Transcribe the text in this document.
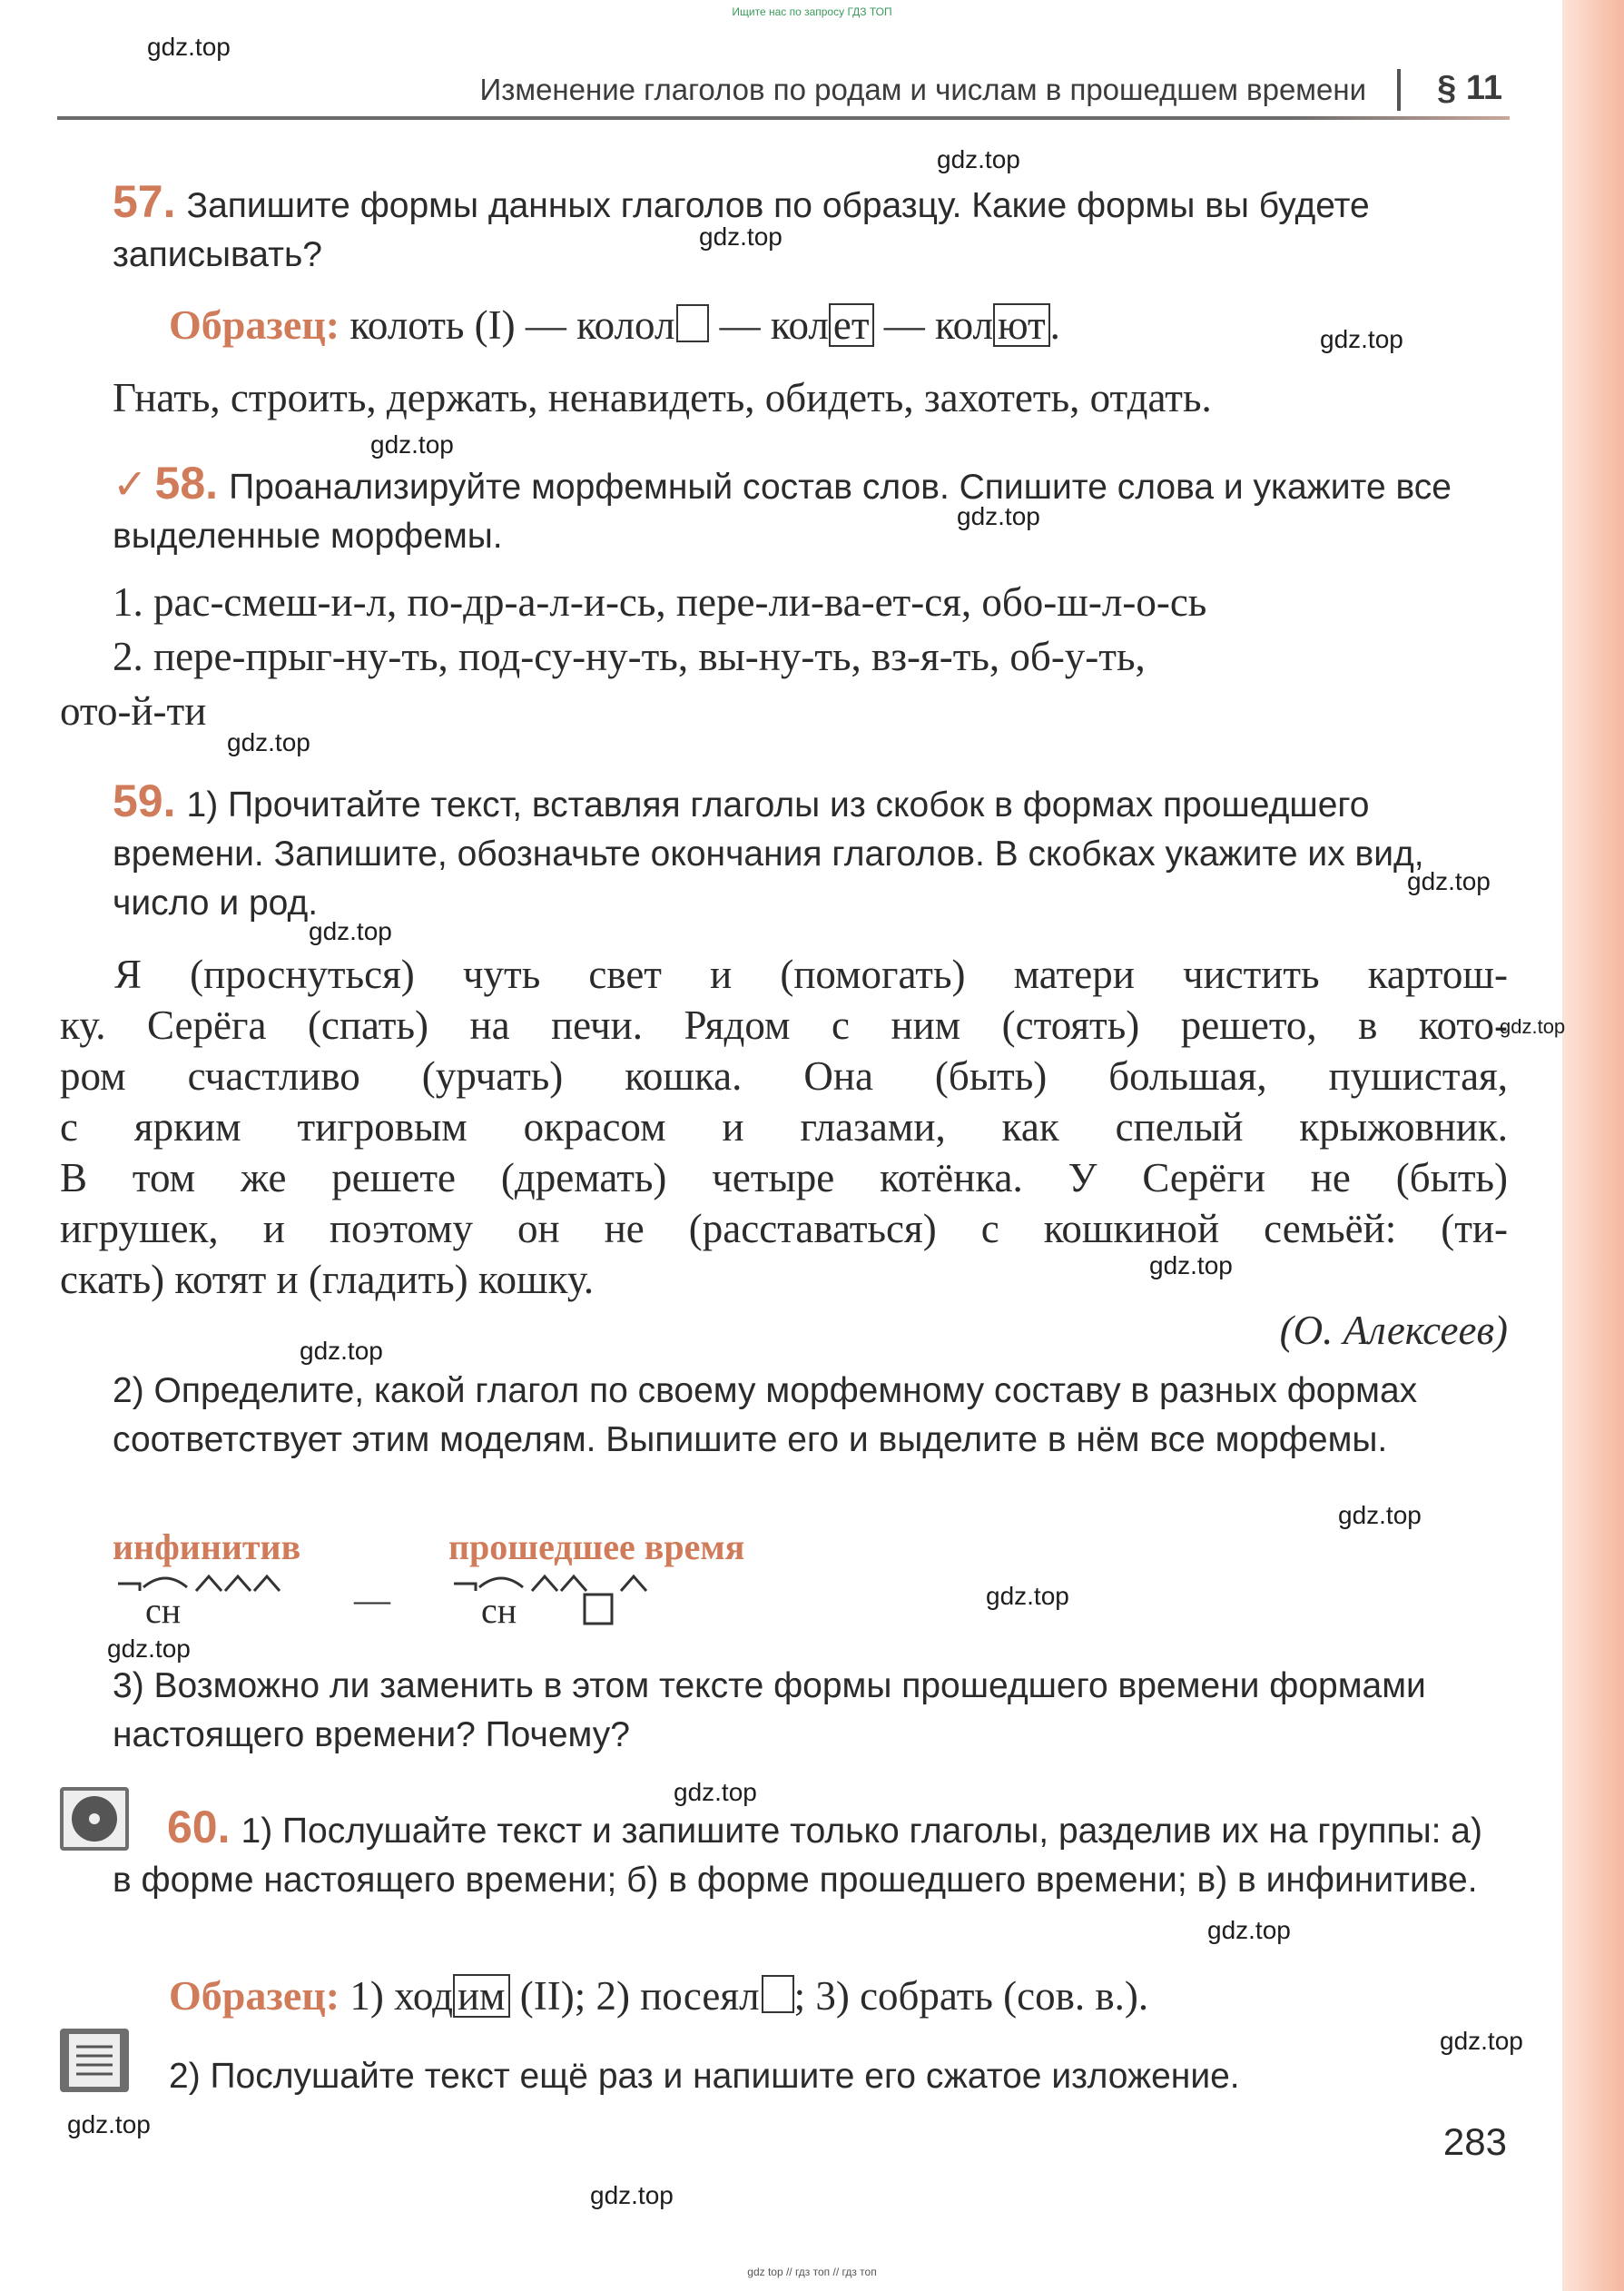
Ищите нас по запросу ГДЗ ТОП
Изменение глаголов по родам и числам в прошедшем времени § 11
57. Запишите формы данных глаголов по образцу. Какие формы вы будете записывать?
Образец: колоть (I) — колол — кол ет — кол ют .
Гнать, строить, держать, ненавидеть, обидеть, захотеть, отдать.
✓ 58. Проанализируйте морфемный состав слов. Спишите слова и укажите все выделенные морфемы.
1. рас-смеш-и-л, по-др-а-л-и-сь, пере-ли-ва-ет-ся, обо-ш-л-о-сь
2. пере-прыг-ну-ть, под-су-ну-ть, вы-ну-ть, вз-я-ть, об-у-ть,
ото-й-ти
59. 1) Прочитайте текст, вставляя глаголы из скобок в формах прошедшего времени. Запишите, обозначьте окончания глаголов. В скобках укажите их вид, число и род.
Я (проснуться) чуть свет и (помогать) матери чистить картош-
ку. Серёга (спать) на печи. Рядом с ним (стоять) решето, в кото-
ром счастливо (урчать) кошка. Она (быть) большая, пушистая,
с ярким тигровым окрасом и глазами, как спелый крыжовник.
В том же решете (дремать) четыре котёнка. У Серёги не (быть)
игрушек, и поэтому он не (расставаться) с кошкиной семьёй: (ти-
скать) котят и (гладить) кошку.
(О. Алексеев)
2) Определите, какой глагол по своему морфемному составу в разных формах соответствует этим моделям. Выпишите его и выделите в нём все морфемы.
инфинитив	прошедшее время
сн	—	сн
3) Возможно ли заменить в этом тексте формы прошедшего времени формами настоящего времени? Почему?
60. 1) Послушайте текст и запишите только глаголы, разделив их на группы: а) в форме настоящего времени; б) в форме прошедшего времени; в) в инфинитиве.
Образец: 1) ход им (II); 2) посеял ; 3) собрать (сов. в.).
2) Послушайте текст ещё раз и напишите его сжатое изложение.
283
gdz.top
gdz.top
gdz.top
gdz.top
gdz.top
gdz.top
gdz.top
gdz.top
gdz.top
gdz.top
gdz.top
gdz.top
gdz.top
gdz.top
gdz.top
gdz.top
gdz.top
gdz.top
gdz.top
gdz.top
gdz top // гдз топ // гдз топ
